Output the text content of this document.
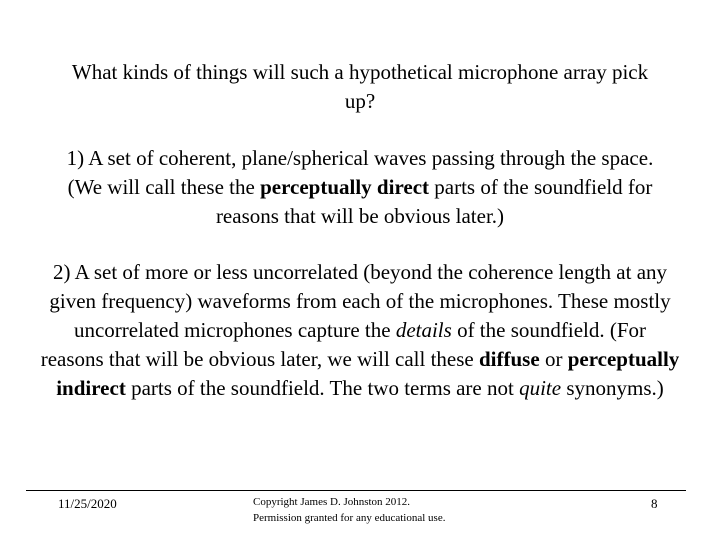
What kinds of things will such a hypothetical microphone array pick up?

1) A set of coherent, plane/spherical waves passing through the space. (We will call these the perceptually direct parts of the soundfield for reasons that will be obvious later.)

2) A set of more or less uncorrelated (beyond the coherence length at any given frequency) waveforms from each of the microphones. These mostly uncorrelated microphones capture the details of the soundfield. (For reasons that will be obvious later, we will call these diffuse or perceptually indirect parts of the soundfield. The two terms are not quite synonyms.)

11/25/2020	Copyright James D. Johnston 2012.
Permission granted for any educational use.
8
